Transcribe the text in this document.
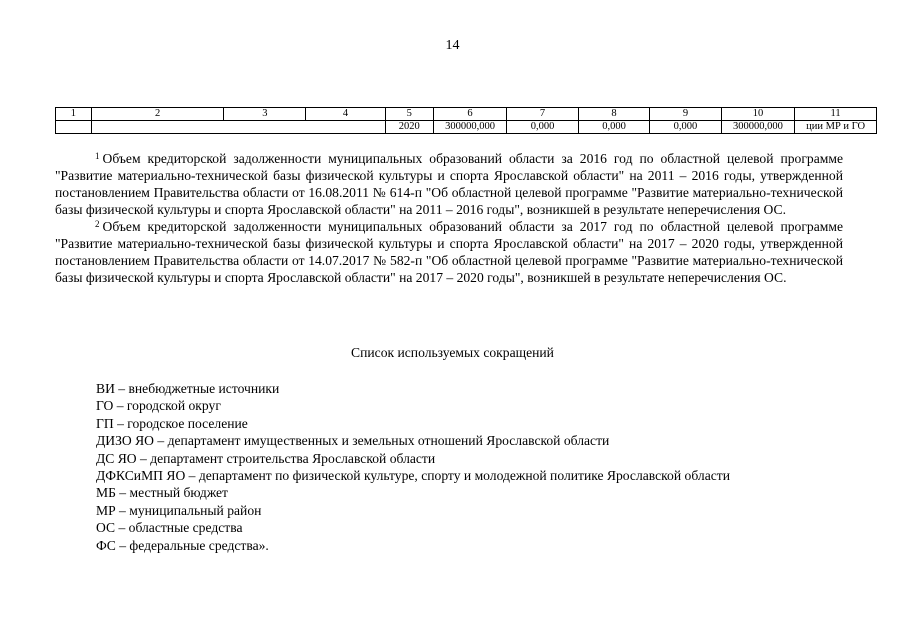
14
1	2	3	4	5	6	7	8	9	10	11
				2020	300000,000	0,000	0,000	0,000	300000,000	ции МР и ГО

$^1$ Объем кредиторской задолженности муниципальных образований области за 2016 год по областной целевой программе "Развитие материально-технической базы физической культуры и спорта Ярославской области" на 2011 – 2016 годы, утвержденной постановлением Правительства области от 16.08.2011 № 614-п "Об областной целевой программе "Развитие материально-технической базы физической культуры и спорта Ярославской области" на 2011 – 2016 годы", возникшей в результате неперечисления ОС.

$^2$ Объем кредиторской задолженности муниципальных образований области за 2017 год по областной целевой программе "Развитие материально-технической базы физической культуры и спорта Ярославской области" на 2017 – 2020 годы, утвержденной постановлением Правительства области от 14.07.2017 № 582-п "Об областной целевой программе "Развитие материально-технической базы физической культуры и спорта Ярославской области" на 2017 – 2020 годы", возникшей в результате неперечисления ОС.

Список используемых сокращений
ВИ – внебюджетные источники
ГО – городской округ
ГП – городское поселение
ДИЗО ЯО – департамент имущественных и земельных отношений Ярославской области
ДС ЯО – департамент строительства Ярославской области
ДФКСиМП ЯО – департамент по физической культуре, спорту и молодежной политике Ярославской области
МБ – местный бюджет
МР – муниципальный район
ОС – областные средства
ФС – федеральные средства».
